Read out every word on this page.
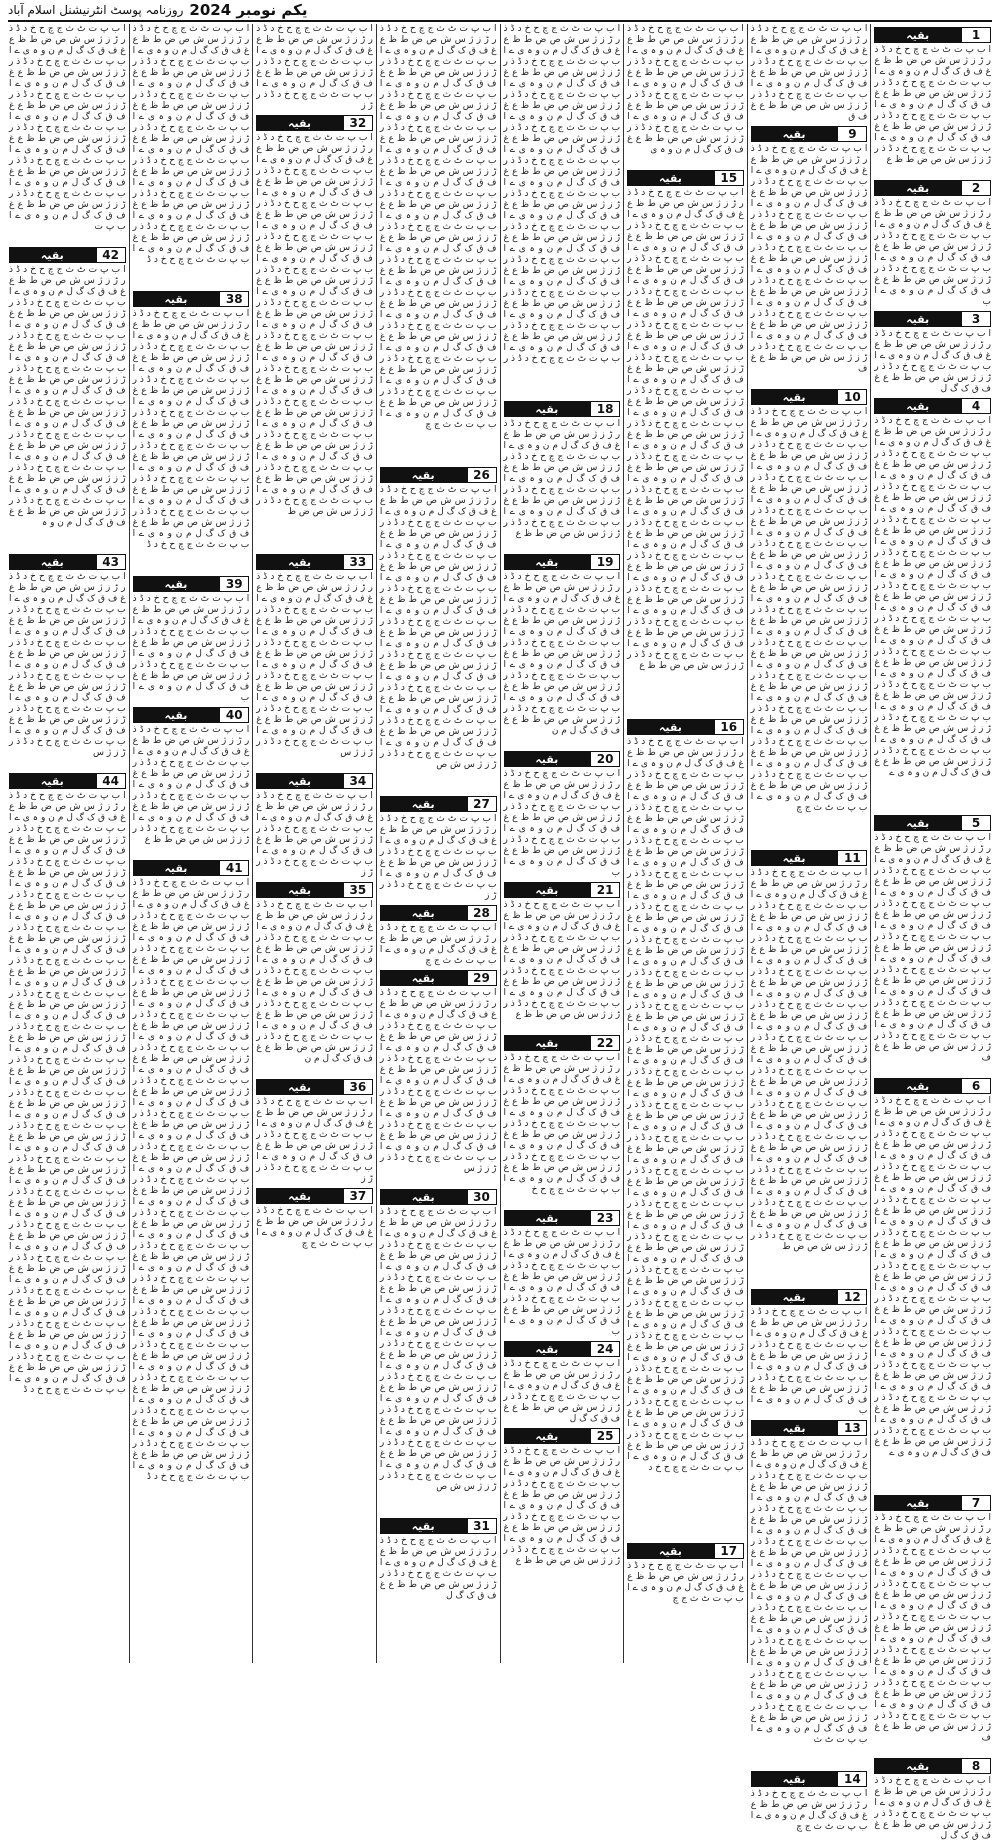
روزنامہ پوسٹ انٹرنیشنل اسلام آباد یکم نومبر 2024
بقیہ	1
ا ب پ ت ٹ ث ج چ ح خ د ڈ ذ ر ڑ ز ژ س ش ص ض ط ظ ع غ ف ق ک گ ل م ن و ہ ی ے ا ب پ ت ٹ ث ج چ ح خ د ڈ ذ ر ڑ ز ژ س ش ص ض ط ظ ع غ ف ق ک گ ل م ن و ہ ی ے ا ب پ ت ٹ ث ج چ ح خ د ڈ ذ ر ڑ ز ژ س ش ص ض ط ظ ع غ ف ق ک گ ل م ن و ہ ی ے ا ب پ ت ٹ ث ج چ ح خ د ڈ ذ ر ڑ ز ژ س ش ص ض ط ظ ع
بقیہ	2
ا ب پ ت ٹ ث ج چ ح خ د ڈ ذ ر ڑ ز ژ س ش ص ض ط ظ ع غ ف ق ک گ ل م ن و ہ ی ے ا ب پ ت ٹ ث ج چ ح خ د ڈ ذ ر ڑ ز ژ س ش ص ض ط ظ ع غ ف ق ک گ ل م ن و ہ ی ے ا ب پ ت ٹ ث ج چ ح خ د ڈ ذ ر ڑ ز ژ س ش ص ض ط ظ ع غ ف ق ک گ ل م ن و ہ ی ے ا ب
بقیہ	3
ا ب پ ت ٹ ث ج چ ح خ د ڈ ذ ر ڑ ز ژ س ش ص ض ط ظ ع غ ف ق ک گ ل م ن و ہ ی ے ا ب پ ت ٹ ث ج چ ح خ د ڈ ذ ر ڑ ز ژ س ش ص ض ط ظ ع غ ف ق ک گ ل
بقیہ	4
ا ب پ ت ٹ ث ج چ ح خ د ڈ ذ ر ڑ ز ژ س ش ص ض ط ظ ع غ ف ق ک گ ل م ن و ہ ی ے ا ب پ ت ٹ ث ج چ ح خ د ڈ ذ ر ڑ ز ژ س ش ص ض ط ظ ع غ ف ق ک گ ل م ن و ہ ی ے ا ب پ ت ٹ ث ج چ ح خ د ڈ ذ ر ڑ ز ژ س ش ص ض ط ظ ع غ ف ق ک گ ل م ن و ہ ی ے ا ب پ ت ٹ ث ج چ ح خ د ڈ ذ ر ڑ ز ژ س ش ص ض ط ظ ع غ ف ق ک گ ل م ن و ہ ی ے ا ب پ ت ٹ ث ج چ ح خ د ڈ ذ ر ڑ ز ژ س ش ص ض ط ظ ع غ ف ق ک گ ل م ن و ہ ی ے ا ب پ ت ٹ ث ج چ ح خ د ڈ ذ ر ڑ ز ژ س ش ص ض ط ظ ع غ ف ق ک گ ل م ن و ہ ی ے ا ب پ ت ٹ ث ج چ ح خ د ڈ ذ ر ڑ ز ژ س ش ص ض ط ظ ع غ ف ق ک گ ل م ن و ہ ی ے ا ب پ ت ٹ ث ج چ ح خ د ڈ ذ ر ڑ ز ژ س ش ص ض ط ظ ع غ ف ق ک گ ل م ن و ہ ی ے ا ب پ ت ٹ ث ج چ ح خ د ڈ ذ ر ڑ ز ژ س ش ص ض ط ظ ع غ ف ق ک گ ل م ن و ہ ی ے ا ب پ ت ٹ ث ج چ ح خ د ڈ ذ ر ڑ ز ژ س ش ص ض ط ظ ع غ ف ق ک گ ل م ن و ہ ی ے ا ب پ ت ٹ ث ج چ ح خ د ڈ ذ ر ڑ ز ژ س ش ص ض ط ظ ع غ ف ق ک گ ل م ن و ہ ی ے
بقیہ	5
ا ب پ ت ٹ ث ج چ ح خ د ڈ ذ ر ڑ ز ژ س ش ص ض ط ظ ع غ ف ق ک گ ل م ن و ہ ی ے ا ب پ ت ٹ ث ج چ ح خ د ڈ ذ ر ڑ ز ژ س ش ص ض ط ظ ع غ ف ق ک گ ل م ن و ہ ی ے ا ب پ ت ٹ ث ج چ ح خ د ڈ ذ ر ڑ ز ژ س ش ص ض ط ظ ع غ ف ق ک گ ل م ن و ہ ی ے ا ب پ ت ٹ ث ج چ ح خ د ڈ ذ ر ڑ ز ژ س ش ص ض ط ظ ع غ ف ق ک گ ل م ن و ہ ی ے ا ب پ ت ٹ ث ج چ ح خ د ڈ ذ ر ڑ ز ژ س ش ص ض ط ظ ع غ ف ق ک گ ل م ن و ہ ی ے ا ب پ ت ٹ ث ج چ ح خ د ڈ ذ ر ڑ ز ژ س ش ص ض ط ظ ع غ ف ق ک گ ل م ن و ہ ی ے ا ب پ ت ٹ ث ج چ ح خ د ڈ ذ ر ڑ ز ژ س ش ص ض ط ظ ع غ ف
بقیہ	6
ا ب پ ت ٹ ث ج چ ح خ د ڈ ذ ر ڑ ز ژ س ش ص ض ط ظ ع غ ف ق ک گ ل م ن و ہ ی ے ا ب پ ت ٹ ث ج چ ح خ د ڈ ذ ر ڑ ز ژ س ش ص ض ط ظ ع غ ف ق ک گ ل م ن و ہ ی ے ا ب پ ت ٹ ث ج چ ح خ د ڈ ذ ر ڑ ز ژ س ش ص ض ط ظ ع غ ف ق ک گ ل م ن و ہ ی ے ا ب پ ت ٹ ث ج چ ح خ د ڈ ذ ر ڑ ز ژ س ش ص ض ط ظ ع غ ف ق ک گ ل م ن و ہ ی ے ا ب پ ت ٹ ث ج چ ح خ د ڈ ذ ر ڑ ز ژ س ش ص ض ط ظ ع غ ف ق ک گ ل م ن و ہ ی ے ا ب پ ت ٹ ث ج چ ح خ د ڈ ذ ر ڑ ز ژ س ش ص ض ط ظ ع غ ف ق ک گ ل م ن و ہ ی ے ا ب پ ت ٹ ث ج چ ح خ د ڈ ذ ر ڑ ز ژ س ش ص ض ط ظ ع غ ف ق ک گ ل م ن و ہ ی ے ا ب پ ت ٹ ث ج چ ح خ د ڈ ذ ر ڑ ز ژ س ش ص ض ط ظ ع غ ف ق ک گ ل م ن و ہ ی ے ا ب پ ت ٹ ث ج چ ح خ د ڈ ذ ر ڑ ز ژ س ش ص ض ط ظ ع غ ف ق ک گ ل م ن و ہ ی ے ا ب پ ت ٹ ث ج چ ح خ د ڈ ذ ر ڑ ز ژ س ش ص ض ط ظ ع غ ف ق ک گ ل م ن و ہ ی ے ا ب پ ت ٹ ث ج چ ح خ د ڈ ذ ر ڑ ز ژ س ش ص ض ط ظ ع غ ف ق ک گ ل م ن و ہ ی ے
بقیہ	7
ا ب پ ت ٹ ث ج چ ح خ د ڈ ذ ر ڑ ز ژ س ش ص ض ط ظ ع غ ف ق ک گ ل م ن و ہ ی ے ا ب پ ت ٹ ث ج چ ح خ د ڈ ذ ر ڑ ز ژ س ش ص ض ط ظ ع غ ف ق ک گ ل م ن و ہ ی ے ا ب پ ت ٹ ث ج چ ح خ د ڈ ذ ر ڑ ز ژ س ش ص ض ط ظ ع غ ف ق ک گ ل م ن و ہ ی ے ا ب پ ت ٹ ث ج چ ح خ د ڈ ذ ر ڑ ز ژ س ش ص ض ط ظ ع غ ف ق ک گ ل م ن و ہ ی ے ا ب پ ت ٹ ث ج چ ح خ د ڈ ذ ر ڑ ز ژ س ش ص ض ط ظ ع غ ف ق ک گ ل م ن و ہ ی ے ا ب پ ت ٹ ث ج چ ح خ د ڈ ذ ر ڑ ز ژ س ش ص ض ط ظ ع غ ف ق ک گ ل م ن و ہ ی ے ا ب پ ت ٹ ث ج چ ح خ د ڈ ذ ر ڑ ز ژ س ش ص ض ط ظ ع غ ف
بقیہ	8
ا ب پ ت ٹ ث ج چ ح خ د ڈ ذ ر ڑ ز ژ س ش ص ض ط ظ ع غ ف ق ک گ ل م ن و ہ ی ے ا ب پ ت ٹ ث ج چ ح خ د ڈ ذ ر ڑ ز ژ س ش ص ض ط ظ ع غ ف ق ک گ ل
ا ب پ ت ٹ ث ج چ ح خ د ڈ ذ ر ڑ ز ژ س ش ص ض ط ظ ع غ ف ق ک گ ل م ن و ہ ی ے ا ب پ ت ٹ ث ج چ ح خ د ڈ ذ ر ڑ ز ژ س ش ص ض ط ظ ع غ ف ق ک گ ل م ن و ہ ی ے ا ب پ ت ٹ ث ج چ ح خ د ڈ ذ ر ڑ ز ژ س ش ص ض ط ظ ع غ ف ق
بقیہ	9
ا ب پ ت ٹ ث ج چ ح خ د ڈ ذ ر ڑ ز ژ س ش ص ض ط ظ ع غ ف ق ک گ ل م ن و ہ ی ے ا ب پ ت ٹ ث ج چ ح خ د ڈ ذ ر ڑ ز ژ س ش ص ض ط ظ ع غ ف ق ک گ ل م ن و ہ ی ے ا ب پ ت ٹ ث ج چ ح خ د ڈ ذ ر ڑ ز ژ س ش ص ض ط ظ ع غ ف ق ک گ ل م ن و ہ ی ے ا ب پ ت ٹ ث ج چ ح خ د ڈ ذ ر ڑ ز ژ س ش ص ض ط ظ ع غ ف ق ک گ ل م ن و ہ ی ے ا ب پ ت ٹ ث ج چ ح خ د ڈ ذ ر ڑ ز ژ س ش ص ض ط ظ ع غ ف ق ک گ ل م ن و ہ ی ے ا ب پ ت ٹ ث ج چ ح خ د ڈ ذ ر ڑ ز ژ س ش ص ض ط ظ ع غ ف ق ک گ ل م ن و ہ ی ے ا ب پ ت ٹ ث ج چ ح خ د ڈ ذ ر ڑ ز ژ س ش ص ض ط ظ ع غ ف
بقیہ	10
ا ب پ ت ٹ ث ج چ ح خ د ڈ ذ ر ڑ ز ژ س ش ص ض ط ظ ع غ ف ق ک گ ل م ن و ہ ی ے ا ب پ ت ٹ ث ج چ ح خ د ڈ ذ ر ڑ ز ژ س ش ص ض ط ظ ع غ ف ق ک گ ل م ن و ہ ی ے ا ب پ ت ٹ ث ج چ ح خ د ڈ ذ ر ڑ ز ژ س ش ص ض ط ظ ع غ ف ق ک گ ل م ن و ہ ی ے ا ب پ ت ٹ ث ج چ ح خ د ڈ ذ ر ڑ ز ژ س ش ص ض ط ظ ع غ ف ق ک گ ل م ن و ہ ی ے ا ب پ ت ٹ ث ج چ ح خ د ڈ ذ ر ڑ ز ژ س ش ص ض ط ظ ع غ ف ق ک گ ل م ن و ہ ی ے ا ب پ ت ٹ ث ج چ ح خ د ڈ ذ ر ڑ ز ژ س ش ص ض ط ظ ع غ ف ق ک گ ل م ن و ہ ی ے ا ب پ ت ٹ ث ج چ ح خ د ڈ ذ ر ڑ ز ژ س ش ص ض ط ظ ع غ ف ق ک گ ل م ن و ہ ی ے ا ب پ ت ٹ ث ج چ ح خ د ڈ ذ ر ڑ ز ژ س ش ص ض ط ظ ع غ ف ق ک گ ل م ن و ہ ی ے ا ب پ ت ٹ ث ج چ ح خ د ڈ ذ ر ڑ ز ژ س ش ص ض ط ظ ع غ ف ق ک گ ل م ن و ہ ی ے ا ب پ ت ٹ ث ج چ ح خ د ڈ ذ ر ڑ ز ژ س ش ص ض ط ظ ع غ ف ق ک گ ل م ن و ہ ی ے ا ب پ ت ٹ ث ج چ ح خ د ڈ ذ ر ڑ ز ژ س ش ص ض ط ظ ع غ ف ق ک گ ل م ن و ہ ی ے ا ب پ ت ٹ ث ج چ ح خ د ڈ ذ ر ڑ ز ژ س ش ص ض ط ظ ع غ ف ق ک گ ل م ن و ہ ی ے ا ب پ ت ٹ ث ج چ
بقیہ	11
ا ب پ ت ٹ ث ج چ ح خ د ڈ ذ ر ڑ ز ژ س ش ص ض ط ظ ع غ ف ق ک گ ل م ن و ہ ی ے ا ب پ ت ٹ ث ج چ ح خ د ڈ ذ ر ڑ ز ژ س ش ص ض ط ظ ع غ ف ق ک گ ل م ن و ہ ی ے ا ب پ ت ٹ ث ج چ ح خ د ڈ ذ ر ڑ ز ژ س ش ص ض ط ظ ع غ ف ق ک گ ل م ن و ہ ی ے ا ب پ ت ٹ ث ج چ ح خ د ڈ ذ ر ڑ ز ژ س ش ص ض ط ظ ع غ ف ق ک گ ل م ن و ہ ی ے ا ب پ ت ٹ ث ج چ ح خ د ڈ ذ ر ڑ ز ژ س ش ص ض ط ظ ع غ ف ق ک گ ل م ن و ہ ی ے ا ب پ ت ٹ ث ج چ ح خ د ڈ ذ ر ڑ ز ژ س ش ص ض ط ظ ع غ ف ق ک گ ل م ن و ہ ی ے ا ب پ ت ٹ ث ج چ ح خ د ڈ ذ ر ڑ ز ژ س ش ص ض ط ظ ع غ ف ق ک گ ل م ن و ہ ی ے ا ب پ ت ٹ ث ج چ ح خ د ڈ ذ ر ڑ ز ژ س ش ص ض ط ظ ع غ ف ق ک گ ل م ن و ہ ی ے ا ب پ ت ٹ ث ج چ ح خ د ڈ ذ ر ڑ ز ژ س ش ص ض ط ظ ع غ ف ق ک گ ل م ن و ہ ی ے ا ب پ ت ٹ ث ج چ ح خ د ڈ ذ ر ڑ ز ژ س ش ص ض ط ظ ع غ ف ق ک گ ل م ن و ہ ی ے ا ب پ ت ٹ ث ج چ ح خ د ڈ ذ ر ڑ ز ژ س ش ص ض ط ظ ع غ ف ق ک گ ل م ن و ہ ی ے ا ب پ ت ٹ ث ج چ ح خ د ڈ ذ ر ڑ ز ژ س ش ص ض ط
بقیہ	12
ا ب پ ت ٹ ث ج چ ح خ د ڈ ذ ر ڑ ز ژ س ش ص ض ط ظ ع غ ف ق ک گ ل م ن و ہ ی ے ا ب پ ت ٹ ث ج چ ح خ د ڈ ذ ر ڑ ز ژ س ش ص ض ط ظ ع غ ف ق ک گ ل م ن و ہ ی ے ا ب پ ت ٹ ث ج چ ح خ د ڈ ذ ر ڑ ز ژ س ش ص ض ط ظ ع غ ف ق ک گ ل م ن و ہ ی ے ا ب
بقیہ	13
ا ب پ ت ٹ ث ج چ ح خ د ڈ ذ ر ڑ ز ژ س ش ص ض ط ظ ع غ ف ق ک گ ل م ن و ہ ی ے ا ب پ ت ٹ ث ج چ ح خ د ڈ ذ ر ڑ ز ژ س ش ص ض ط ظ ع غ ف ق ک گ ل م ن و ہ ی ے ا ب پ ت ٹ ث ج چ ح خ د ڈ ذ ر ڑ ز ژ س ش ص ض ط ظ ع غ ف ق ک گ ل م ن و ہ ی ے ا ب پ ت ٹ ث ج چ ح خ د ڈ ذ ر ڑ ز ژ س ش ص ض ط ظ ع غ ف ق ک گ ل م ن و ہ ی ے ا ب پ ت ٹ ث ج چ ح خ د ڈ ذ ر ڑ ز ژ س ش ص ض ط ظ ع غ ف ق ک گ ل م ن و ہ ی ے ا ب پ ت ٹ ث ج چ ح خ د ڈ ذ ر ڑ ز ژ س ش ص ض ط ظ ع غ ف ق ک گ ل م ن و ہ ی ے ا ب پ ت ٹ ث ج چ ح خ د ڈ ذ ر ڑ ز ژ س ش ص ض ط ظ ع غ ف ق ک گ ل م ن و ہ ی ے ا ب پ ت ٹ ث ج چ ح خ د ڈ ذ ر ڑ ز ژ س ش ص ض ط ظ ع غ ف ق ک گ ل م ن و ہ ی ے ا ب پ ت ٹ ث ج چ ح خ د ڈ ذ ر ڑ ز ژ س ش ص ض ط ظ ع غ ف ق ک گ ل م ن و ہ ی ے ا ب پ ت ٹ ث
بقیہ	14
ا ب پ ت ٹ ث ج چ ح خ د ڈ ذ ر ڑ ز ژ س ش ص ض ط ظ ع غ ف ق ک گ ل م ن و ہ ی ے ا ب پ ت ٹ ث ج چ
ا ب پ ت ٹ ث ج چ ح خ د ڈ ذ ر ڑ ز ژ س ش ص ض ط ظ ع غ ف ق ک گ ل م ن و ہ ی ے ا ب پ ت ٹ ث ج چ ح خ د ڈ ذ ر ڑ ز ژ س ش ص ض ط ظ ع غ ف ق ک گ ل م ن و ہ ی ے ا ب پ ت ٹ ث ج چ ح خ د ڈ ذ ر ڑ ز ژ س ش ص ض ط ظ ع غ ف ق ک گ ل م ن و ہ ی ے ا ب پ ت ٹ ث ج چ ح خ د ڈ ذ ر ڑ ز ژ س ش ص ض ط ظ ع غ ف ق ک گ ل م ن و ہ ی
بقیہ	15
ا ب پ ت ٹ ث ج چ ح خ د ڈ ذ ر ڑ ز ژ س ش ص ض ط ظ ع غ ف ق ک گ ل م ن و ہ ی ے ا ب پ ت ٹ ث ج چ ح خ د ڈ ذ ر ڑ ز ژ س ش ص ض ط ظ ع غ ف ق ک گ ل م ن و ہ ی ے ا ب پ ت ٹ ث ج چ ح خ د ڈ ذ ر ڑ ز ژ س ش ص ض ط ظ ع غ ف ق ک گ ل م ن و ہ ی ے ا ب پ ت ٹ ث ج چ ح خ د ڈ ذ ر ڑ ز ژ س ش ص ض ط ظ ع غ ف ق ک گ ل م ن و ہ ی ے ا ب پ ت ٹ ث ج چ ح خ د ڈ ذ ر ڑ ز ژ س ش ص ض ط ظ ع غ ف ق ک گ ل م ن و ہ ی ے ا ب پ ت ٹ ث ج چ ح خ د ڈ ذ ر ڑ ز ژ س ش ص ض ط ظ ع غ ف ق ک گ ل م ن و ہ ی ے ا ب پ ت ٹ ث ج چ ح خ د ڈ ذ ر ڑ ز ژ س ش ص ض ط ظ ع غ ف ق ک گ ل م ن و ہ ی ے ا ب پ ت ٹ ث ج چ ح خ د ڈ ذ ر ڑ ز ژ س ش ص ض ط ظ ع غ ف ق ک گ ل م ن و ہ ی ے ا ب پ ت ٹ ث ج چ ح خ د ڈ ذ ر ڑ ز ژ س ش ص ض ط ظ ع غ ف ق ک گ ل م ن و ہ ی ے ا ب پ ت ٹ ث ج چ ح خ د ڈ ذ ر ڑ ز ژ س ش ص ض ط ظ ع غ ف ق ک گ ل م ن و ہ ی ے ا ب پ ت ٹ ث ج چ ح خ د ڈ ذ ر ڑ ز ژ س ش ص ض ط ظ ع غ ف ق ک گ ل م ن و ہ ی ے ا ب پ ت ٹ ث ج چ ح خ د ڈ ذ ر ڑ ز ژ س ش ص ض ط ظ ع غ ف ق ک گ ل م ن و ہ ی ے ا ب پ ت ٹ ث ج چ ح خ د ڈ ذ ر ڑ ز ژ س ش ص ض ط ظ ع غ ف ق ک گ ل م ن و ہ ی ے ا ب پ ت ٹ ث ج چ ح خ د ڈ ذ ر ڑ ز ژ س ش ص ض ط ظ ع غ ف ق ک گ ل م ن و ہ ی ے ا ب پ ت ٹ ث ج چ ح خ د ڈ ذ ر ڑ ز ژ س ش ص ض ط ظ ع
بقیہ	16
ا ب پ ت ٹ ث ج چ ح خ د ڈ ذ ر ڑ ز ژ س ش ص ض ط ظ ع غ ف ق ک گ ل م ن و ہ ی ے ا ب پ ت ٹ ث ج چ ح خ د ڈ ذ ر ڑ ز ژ س ش ص ض ط ظ ع غ ف ق ک گ ل م ن و ہ ی ے ا ب پ ت ٹ ث ج چ ح خ د ڈ ذ ر ڑ ز ژ س ش ص ض ط ظ ع غ ف ق ک گ ل م ن و ہ ی ے ا ب پ ت ٹ ث ج چ ح خ د ڈ ذ ر ڑ ز ژ س ش ص ض ط ظ ع غ ف ق ک گ ل م ن و ہ ی ے ا ب پ ت ٹ ث ج چ ح خ د ڈ ذ ر ڑ ز ژ س ش ص ض ط ظ ع غ ف ق ک گ ل م ن و ہ ی ے ا ب پ ت ٹ ث ج چ ح خ د ڈ ذ ر ڑ ز ژ س ش ص ض ط ظ ع غ ف ق ک گ ل م ن و ہ ی ے ا ب پ ت ٹ ث ج چ ح خ د ڈ ذ ر ڑ ز ژ س ش ص ض ط ظ ع غ ف ق ک گ ل م ن و ہ ی ے ا ب پ ت ٹ ث ج چ ح خ د ڈ ذ ر ڑ ز ژ س ش ص ض ط ظ ع غ ف ق ک گ ل م ن و ہ ی ے ا ب پ ت ٹ ث ج چ ح خ د ڈ ذ ر ڑ ز ژ س ش ص ض ط ظ ع غ ف ق ک گ ل م ن و ہ ی ے ا ب پ ت ٹ ث ج چ ح خ د ڈ ذ ر ڑ ز ژ س ش ص ض ط ظ ع غ ف ق ک گ ل م ن و ہ ی ے ا ب پ ت ٹ ث ج چ ح خ د ڈ ذ ر ڑ ز ژ س ش ص ض ط ظ ع غ ف ق ک گ ل م ن و ہ ی ے ا ب پ ت ٹ ث ج چ ح خ د ڈ ذ ر ڑ ز ژ س ش ص ض ط ظ ع غ ف ق ک گ ل م ن و ہ ی ے ا ب پ ت ٹ ث ج چ ح خ د ڈ ذ ر ڑ ز ژ س ش ص ض ط ظ ع غ ف ق ک گ ل م ن و ہ ی ے ا ب پ ت ٹ ث ج چ ح خ د ڈ ذ ر ڑ ز ژ س ش ص ض ط ظ ع غ ف ق ک گ ل م ن و ہ ی ے ا ب پ ت ٹ ث ج چ ح خ د ڈ ذ ر ڑ ز ژ س ش ص ض ط ظ ع غ ف ق ک گ ل م ن و ہ ی ے ا ب پ ت ٹ ث ج چ ح خ د ڈ ذ ر ڑ ز ژ س ش ص ض ط ظ ع غ ف ق ک گ ل م ن و ہ ی ے ا ب پ ت ٹ ث ج چ ح خ د ڈ ذ ر ڑ ز ژ س ش ص ض ط ظ ع غ ف ق ک گ ل م ن و ہ ی ے ا ب پ ت ٹ ث ج چ ح خ د ڈ ذ ر ڑ ز ژ س ش ص ض ط ظ ع غ ف ق ک گ ل م ن و ہ ی ے ا ب پ ت ٹ ث ج چ ح خ د ڈ ذ ر ڑ ز ژ س ش ص ض ط ظ ع غ ف ق ک گ ل م ن و ہ ی ے ا ب پ ت ٹ ث ج چ ح خ د ڈ ذ ر ڑ ز ژ س ش ص ض ط ظ ع غ ف ق ک گ ل م ن و ہ ی ے ا ب پ ت ٹ ث ج چ ح خ د ڈ ذ ر ڑ ز ژ س ش ص ض ط ظ ع غ ف ق ک گ ل م ن و ہ ی ے ا ب پ ت ٹ ث ج چ ح خ د ڈ ذ ر ڑ ز ژ س ش ص ض ط ظ ع غ ف ق ک گ ل م ن و ہ ی ے ا ب پ ت ٹ ث ج چ ح خ د
بقیہ	17
ا ب پ ت ٹ ث ج چ ح خ د ڈ ذ ر ڑ ز ژ س ش ص ض ط ظ ع غ ف ق ک گ ل م ن و ہ ی ے ا ب پ ت ٹ ث ج چ
ا ب پ ت ٹ ث ج چ ح خ د ڈ ذ ر ڑ ز ژ س ش ص ض ط ظ ع غ ف ق ک گ ل م ن و ہ ی ے ا ب پ ت ٹ ث ج چ ح خ د ڈ ذ ر ڑ ز ژ س ش ص ض ط ظ ع غ ف ق ک گ ل م ن و ہ ی ے ا ب پ ت ٹ ث ج چ ح خ د ڈ ذ ر ڑ ز ژ س ش ص ض ط ظ ع غ ف ق ک گ ل م ن و ہ ی ے ا ب پ ت ٹ ث ج چ ح خ د ڈ ذ ر ڑ ز ژ س ش ص ض ط ظ ع غ ف ق ک گ ل م ن و ہ ی ے ا ب پ ت ٹ ث ج چ ح خ د ڈ ذ ر ڑ ز ژ س ش ص ض ط ظ ع غ ف ق ک گ ل م ن و ہ ی ے ا ب پ ت ٹ ث ج چ ح خ د ڈ ذ ر ڑ ز ژ س ش ص ض ط ظ ع غ ف ق ک گ ل م ن و ہ ی ے ا ب پ ت ٹ ث ج چ ح خ د ڈ ذ ر ڑ ز ژ س ش ص ض ط ظ ع غ ف ق ک گ ل م ن و ہ ی ے ا ب پ ت ٹ ث ج چ ح خ د ڈ ذ ر ڑ ز ژ س ش ص ض ط ظ ع غ ف ق ک گ ل م ن و ہ ی ے ا ب پ ت ٹ ث ج چ ح خ د ڈ ذ ر ڑ ز ژ س ش ص ض ط ظ ع غ ف ق ک گ ل م ن و ہ ی ے ا ب پ ت ٹ ث ج چ ح خ د ڈ ذ ر ڑ ز ژ س ش ص ض ط ظ ع غ ف ق ک گ ل م ن و ہ ی ے ا ب پ ت ٹ ث ج چ ح خ د ڈ ذ ر
بقیہ	18
ا ب پ ت ٹ ث ج چ ح خ د ڈ ذ ر ڑ ز ژ س ش ص ض ط ظ ع غ ف ق ک گ ل م ن و ہ ی ے ا ب پ ت ٹ ث ج چ ح خ د ڈ ذ ر ڑ ز ژ س ش ص ض ط ظ ع غ ف ق ک گ ل م ن و ہ ی ے ا ب پ ت ٹ ث ج چ ح خ د ڈ ذ ر ڑ ز ژ س ش ص ض ط ظ ع غ ف ق ک گ ل م ن و ہ ی ے ا ب پ ت ٹ ث ج چ ح خ د ڈ ذ ر ڑ ز ژ س ش ص ض ط ظ ع
بقیہ	19
ا ب پ ت ٹ ث ج چ ح خ د ڈ ذ ر ڑ ز ژ س ش ص ض ط ظ ع غ ف ق ک گ ل م ن و ہ ی ے ا ب پ ت ٹ ث ج چ ح خ د ڈ ذ ر ڑ ز ژ س ش ص ض ط ظ ع غ ف ق ک گ ل م ن و ہ ی ے ا ب پ ت ٹ ث ج چ ح خ د ڈ ذ ر ڑ ز ژ س ش ص ض ط ظ ع غ ف ق ک گ ل م ن و ہ ی ے ا ب پ ت ٹ ث ج چ ح خ د ڈ ذ ر ڑ ز ژ س ش ص ض ط ظ ع غ ف ق ک گ ل م ن و ہ ی ے ا ب پ ت ٹ ث ج چ ح خ د ڈ ذ ر ڑ ز ژ س ش ص ض ط ظ ع غ ف ق ک گ ل م ن
بقیہ	20
ا ب پ ت ٹ ث ج چ ح خ د ڈ ذ ر ڑ ز ژ س ش ص ض ط ظ ع غ ف ق ک گ ل م ن و ہ ی ے ا ب پ ت ٹ ث ج چ ح خ د ڈ ذ ر ڑ ز ژ س ش ص ض ط ظ ع غ ف ق ک گ ل م ن و ہ ی ے ا ب پ ت ٹ ث ج چ ح خ د ڈ ذ ر ڑ ز ژ س ش ص ض ط ظ ع غ ف ق ک گ ل م ن و ہ ی ے ا ب
بقیہ	21
ا ب پ ت ٹ ث ج چ ح خ د ڈ ذ ر ڑ ز ژ س ش ص ض ط ظ ع غ ف ق ک گ ل م ن و ہ ی ے ا ب پ ت ٹ ث ج چ ح خ د ڈ ذ ر ڑ ز ژ س ش ص ض ط ظ ع غ ف ق ک گ ل م ن و ہ ی ے ا ب پ ت ٹ ث ج چ ح خ د ڈ ذ ر ڑ ز ژ س ش ص ض ط ظ ع غ ف ق ک گ ل م ن و ہ ی ے ا ب پ ت ٹ ث ج چ ح خ د ڈ ذ ر ڑ ز ژ س ش ص ض ط ظ ع
بقیہ	22
ا ب پ ت ٹ ث ج چ ح خ د ڈ ذ ر ڑ ز ژ س ش ص ض ط ظ ع غ ف ق ک گ ل م ن و ہ ی ے ا ب پ ت ٹ ث ج چ ح خ د ڈ ذ ر ڑ ز ژ س ش ص ض ط ظ ع غ ف ق ک گ ل م ن و ہ ی ے ا ب پ ت ٹ ث ج چ ح خ د ڈ ذ ر ڑ ز ژ س ش ص ض ط ظ ع غ ف ق ک گ ل م ن و ہ ی ے ا ب پ ت ٹ ث ج چ ح خ د ڈ ذ ر ڑ ز ژ س ش ص ض ط ظ ع غ ف ق ک گ ل م ن و ہ ی ے ا ب پ ت ٹ ث ج چ ح خ
بقیہ	23
ا ب پ ت ٹ ث ج چ ح خ د ڈ ذ ر ڑ ز ژ س ش ص ض ط ظ ع غ ف ق ک گ ل م ن و ہ ی ے ا ب پ ت ٹ ث ج چ ح خ د ڈ ذ ر ڑ ز ژ س ش ص ض ط ظ ع غ ف ق ک گ ل م ن و ہ ی ے ا ب پ ت ٹ ث ج چ ح خ د ڈ ذ ر ڑ ز ژ س ش ص ض ط ظ ع غ ف ق ک گ ل م ن و ہ ی ے ا ب
بقیہ	24
ا ب پ ت ٹ ث ج چ ح خ د ڈ ذ ر ڑ ز ژ س ش ص ض ط ظ ع غ ف ق ک گ ل م ن و ہ ی ے ا ب پ ت ٹ ث ج چ ح خ د ڈ ذ ر ڑ ز ژ س ش ص ض ط ظ ع غ ف ق ک گ ل
بقیہ	25
ا ب پ ت ٹ ث ج چ ح خ د ڈ ذ ر ڑ ز ژ س ش ص ض ط ظ ع غ ف ق ک گ ل م ن و ہ ی ے ا ب پ ت ٹ ث ج چ ح خ د ڈ ذ ر ڑ ز ژ س ش ص ض ط ظ ع غ ف ق ک گ ل م ن و ہ ی ے ا ب پ ت ٹ ث ج چ ح خ د ڈ ذ ر ڑ ز ژ س ش ص ض ط ظ ع غ ف ق ک گ ل م ن و ہ ی ے ا ب پ ت ٹ ث ج چ ح خ د ڈ ذ ر ڑ ز ژ س ش ص ض ط ظ ع
ا ب پ ت ٹ ث ج چ ح خ د ڈ ذ ر ڑ ز ژ س ش ص ض ط ظ ع غ ف ق ک گ ل م ن و ہ ی ے ا ب پ ت ٹ ث ج چ ح خ د ڈ ذ ر ڑ ز ژ س ش ص ض ط ظ ع غ ف ق ک گ ل م ن و ہ ی ے ا ب پ ت ٹ ث ج چ ح خ د ڈ ذ ر ڑ ز ژ س ش ص ض ط ظ ع غ ف ق ک گ ل م ن و ہ ی ے ا ب پ ت ٹ ث ج چ ح خ د ڈ ذ ر ڑ ز ژ س ش ص ض ط ظ ع غ ف ق ک گ ل م ن و ہ ی ے ا ب پ ت ٹ ث ج چ ح خ د ڈ ذ ر ڑ ز ژ س ش ص ض ط ظ ع غ ف ق ک گ ل م ن و ہ ی ے ا ب پ ت ٹ ث ج چ ح خ د ڈ ذ ر ڑ ز ژ س ش ص ض ط ظ ع غ ف ق ک گ ل م ن و ہ ی ے ا ب پ ت ٹ ث ج چ ح خ د ڈ ذ ر ڑ ز ژ س ش ص ض ط ظ ع غ ف ق ک گ ل م ن و ہ ی ے ا ب پ ت ٹ ث ج چ ح خ د ڈ ذ ر ڑ ز ژ س ش ص ض ط ظ ع غ ف ق ک گ ل م ن و ہ ی ے ا ب پ ت ٹ ث ج چ ح خ د ڈ ذ ر ڑ ز ژ س ش ص ض ط ظ ع غ ف ق ک گ ل م ن و ہ ی ے ا ب پ ت ٹ ث ج چ ح خ د ڈ ذ ر ڑ ز ژ س ش ص ض ط ظ ع غ ف ق ک گ ل م ن و ہ ی ے ا ب پ ت ٹ ث ج چ ح خ د ڈ ذ ر ڑ ز ژ س ش ص ض ط ظ ع غ ف ق ک گ ل م ن و ہ ی ے ا ب پ ت ٹ ث ج چ ح خ د ڈ ذ ر ڑ ز ژ س ش ص ض ط ظ ع غ ف ق ک گ ل م ن و ہ ی ے ا ب پ ت ٹ ث ج چ
بقیہ	26
ا ب پ ت ٹ ث ج چ ح خ د ڈ ذ ر ڑ ز ژ س ش ص ض ط ظ ع غ ف ق ک گ ل م ن و ہ ی ے ا ب پ ت ٹ ث ج چ ح خ د ڈ ذ ر ڑ ز ژ س ش ص ض ط ظ ع غ ف ق ک گ ل م ن و ہ ی ے ا ب پ ت ٹ ث ج چ ح خ د ڈ ذ ر ڑ ز ژ س ش ص ض ط ظ ع غ ف ق ک گ ل م ن و ہ ی ے ا ب پ ت ٹ ث ج چ ح خ د ڈ ذ ر ڑ ز ژ س ش ص ض ط ظ ع غ ف ق ک گ ل م ن و ہ ی ے ا ب پ ت ٹ ث ج چ ح خ د ڈ ذ ر ڑ ز ژ س ش ص ض ط ظ ع غ ف ق ک گ ل م ن و ہ ی ے ا ب پ ت ٹ ث ج چ ح خ د ڈ ذ ر ڑ ز ژ س ش ص ض ط ظ ع غ ف ق ک گ ل م ن و ہ ی ے ا ب پ ت ٹ ث ج چ ح خ د ڈ ذ ر ڑ ز ژ س ش ص ض ط ظ ع غ ف ق ک گ ل م ن و ہ ی ے ا ب پ ت ٹ ث ج چ ح خ د ڈ ذ ر ڑ ز ژ س ش ص ض ط ظ ع غ ف ق ک گ ل م ن و ہ ی ے ا ب پ ت ٹ ث ج چ ح خ د ڈ ذ ر ڑ ز ژ س ش ص
بقیہ	27
ا ب پ ت ٹ ث ج چ ح خ د ڈ ذ ر ڑ ز ژ س ش ص ض ط ظ ع غ ف ق ک گ ل م ن و ہ ی ے ا ب پ ت ٹ ث ج چ ح خ د ڈ ذ ر ڑ ز ژ س ش ص ض ط ظ ع غ ف ق ک گ ل م ن و ہ ی ے ا ب پ ت ٹ ث ج چ ح خ د ڈ ذ ر ڑ ز
بقیہ	28
ا ب پ ت ٹ ث ج چ ح خ د ڈ ذ ر ڑ ز ژ س ش ص ض ط ظ ع غ ف ق ک گ ل م ن و ہ ی ے ا ب پ ت ٹ ث ج چ
بقیہ	29
ا ب پ ت ٹ ث ج چ ح خ د ڈ ذ ر ڑ ز ژ س ش ص ض ط ظ ع غ ف ق ک گ ل م ن و ہ ی ے ا ب پ ت ٹ ث ج چ ح خ د ڈ ذ ر ڑ ز ژ س ش ص ض ط ظ ع غ ف ق ک گ ل م ن و ہ ی ے ا ب پ ت ٹ ث ج چ ح خ د ڈ ذ ر ڑ ز ژ س ش ص ض ط ظ ع غ ف ق ک گ ل م ن و ہ ی ے ا ب پ ت ٹ ث ج چ ح خ د ڈ ذ ر ڑ ز ژ س ش ص ض ط ظ ع غ ف ق ک گ ل م ن و ہ ی ے ا ب پ ت ٹ ث ج چ ح خ د ڈ ذ ر ڑ ز ژ س ش ص ض ط ظ ع غ ف ق ک گ ل م ن و ہ ی ے ا ب پ ت ٹ ث ج چ ح خ د ڈ ذ ر ڑ ز ژ س
بقیہ	30
ا ب پ ت ٹ ث ج چ ح خ د ڈ ذ ر ڑ ز ژ س ش ص ض ط ظ ع غ ف ق ک گ ل م ن و ہ ی ے ا ب پ ت ٹ ث ج چ ح خ د ڈ ذ ر ڑ ز ژ س ش ص ض ط ظ ع غ ف ق ک گ ل م ن و ہ ی ے ا ب پ ت ٹ ث ج چ ح خ د ڈ ذ ر ڑ ز ژ س ش ص ض ط ظ ع غ ف ق ک گ ل م ن و ہ ی ے ا ب پ ت ٹ ث ج چ ح خ د ڈ ذ ر ڑ ز ژ س ش ص ض ط ظ ع غ ف ق ک گ ل م ن و ہ ی ے ا ب پ ت ٹ ث ج چ ح خ د ڈ ذ ر ڑ ز ژ س ش ص ض ط ظ ع غ ف ق ک گ ل م ن و ہ ی ے ا ب پ ت ٹ ث ج چ ح خ د ڈ ذ ر ڑ ز ژ س ش ص ض ط ظ ع غ ف ق ک گ ل م ن و ہ ی ے ا ب پ ت ٹ ث ج چ ح خ د ڈ ذ ر ڑ ز ژ س ش ص ض ط ظ ع غ ف ق ک گ ل م ن و ہ ی ے ا ب پ ت ٹ ث ج چ ح خ د ڈ ذ ر ڑ ز ژ س ش ص ض ط ظ ع غ ف ق ک گ ل م ن و ہ ی ے ا ب پ ت ٹ ث ج چ ح خ د ڈ ذ ر ڑ ز ژ س ش ص
بقیہ	31
ا ب پ ت ٹ ث ج چ ح خ د ڈ ذ ر ڑ ز ژ س ش ص ض ط ظ ع غ ف ق ک گ ل م ن و ہ ی ے ا ب پ ت ٹ ث ج چ ح خ د ڈ ذ ر ڑ ز ژ س ش ص ض ط ظ ع غ ف ق ک گ ل
ا ب پ ت ٹ ث ج چ ح خ د ڈ ذ ر ڑ ز ژ س ش ص ض ط ظ ع غ ف ق ک گ ل م ن و ہ ی ے ا ب پ ت ٹ ث ج چ ح خ د ڈ ذ ر ڑ ز ژ س ش ص ض ط ظ ع غ ف ق ک گ ل م ن و ہ ی ے ا ب پ ت ٹ ث ج چ ح خ د ڈ ذ ر ڑ ز
بقیہ	32
ا ب پ ت ٹ ث ج چ ح خ د ڈ ذ ر ڑ ز ژ س ش ص ض ط ظ ع غ ف ق ک گ ل م ن و ہ ی ے ا ب پ ت ٹ ث ج چ ح خ د ڈ ذ ر ڑ ز ژ س ش ص ض ط ظ ع غ ف ق ک گ ل م ن و ہ ی ے ا ب پ ت ٹ ث ج چ ح خ د ڈ ذ ر ڑ ز ژ س ش ص ض ط ظ ع غ ف ق ک گ ل م ن و ہ ی ے ا ب پ ت ٹ ث ج چ ح خ د ڈ ذ ر ڑ ز ژ س ش ص ض ط ظ ع غ ف ق ک گ ل م ن و ہ ی ے ا ب پ ت ٹ ث ج چ ح خ د ڈ ذ ر ڑ ز ژ س ش ص ض ط ظ ع غ ف ق ک گ ل م ن و ہ ی ے ا ب پ ت ٹ ث ج چ ح خ د ڈ ذ ر ڑ ز ژ س ش ص ض ط ظ ع غ ف ق ک گ ل م ن و ہ ی ے ا ب پ ت ٹ ث ج چ ح خ د ڈ ذ ر ڑ ز ژ س ش ص ض ط ظ ع غ ف ق ک گ ل م ن و ہ ی ے ا ب پ ت ٹ ث ج چ ح خ د ڈ ذ ر ڑ ز ژ س ش ص ض ط ظ ع غ ف ق ک گ ل م ن و ہ ی ے ا ب پ ت ٹ ث ج چ ح خ د ڈ ذ ر ڑ ز ژ س ش ص ض ط ظ ع غ ف ق ک گ ل م ن و ہ ی ے ا ب پ ت ٹ ث ج چ ح خ د ڈ ذ ر ڑ ز ژ س ش ص ض ط ظ ع غ ف ق ک گ ل م ن و ہ ی ے ا ب پ ت ٹ ث ج چ ح خ د ڈ ذ ر ڑ ز ژ س ش ص ض ط ظ ع غ ف ق ک گ ل م ن و ہ ی ے ا ب پ ت ٹ ث ج چ ح خ د ڈ ذ ر ڑ ز ژ س ش ص ض ط
بقیہ	33
ا ب پ ت ٹ ث ج چ ح خ د ڈ ذ ر ڑ ز ژ س ش ص ض ط ظ ع غ ف ق ک گ ل م ن و ہ ی ے ا ب پ ت ٹ ث ج چ ح خ د ڈ ذ ر ڑ ز ژ س ش ص ض ط ظ ع غ ف ق ک گ ل م ن و ہ ی ے ا ب پ ت ٹ ث ج چ ح خ د ڈ ذ ر ڑ ز ژ س ش ص ض ط ظ ع غ ف ق ک گ ل م ن و ہ ی ے ا ب پ ت ٹ ث ج چ ح خ د ڈ ذ ر ڑ ز ژ س ش ص ض ط ظ ع غ ف ق ک گ ل م ن و ہ ی ے ا ب پ ت ٹ ث ج چ ح خ د ڈ ذ ر ڑ ز ژ س ش ص ض ط ظ ع غ ف ق ک گ ل م ن و ہ ی ے ا ب پ ت ٹ ث ج چ ح خ د ڈ ذ ر ڑ ز ژ س
بقیہ	34
ا ب پ ت ٹ ث ج چ ح خ د ڈ ذ ر ڑ ز ژ س ش ص ض ط ظ ع غ ف ق ک گ ل م ن و ہ ی ے ا ب پ ت ٹ ث ج چ ح خ د ڈ ذ ر ڑ ز ژ س ش ص ض ط ظ ع غ ف ق ک گ ل م ن و ہ ی ے ا ب پ ت ٹ ث ج چ ح خ د ڈ ذ ر ڑ ز
بقیہ	35
ا ب پ ت ٹ ث ج چ ح خ د ڈ ذ ر ڑ ز ژ س ش ص ض ط ظ ع غ ف ق ک گ ل م ن و ہ ی ے ا ب پ ت ٹ ث ج چ ح خ د ڈ ذ ر ڑ ز ژ س ش ص ض ط ظ ع غ ف ق ک گ ل م ن و ہ ی ے ا ب پ ت ٹ ث ج چ ح خ د ڈ ذ ر ڑ ز ژ س ش ص ض ط ظ ع غ ف ق ک گ ل م ن و ہ ی ے ا ب پ ت ٹ ث ج چ ح خ د ڈ ذ ر ڑ ز ژ س ش ص ض ط ظ ع غ ف ق ک گ ل م ن و ہ ی ے ا ب پ ت ٹ ث ج چ ح خ د ڈ ذ ر ڑ ز ژ س ش ص ض ط ظ ع غ ف ق ک گ ل م ن
بقیہ	36
ا ب پ ت ٹ ث ج چ ح خ د ڈ ذ ر ڑ ز ژ س ش ص ض ط ظ ع غ ف ق ک گ ل م ن و ہ ی ے ا ب پ ت ٹ ث ج چ ح خ د ڈ ذ ر ڑ ز ژ س ش ص ض ط ظ ع غ ف ق ک گ ل م ن و ہ ی ے ا ب پ ت ٹ ث ج چ ح خ د ڈ ذ ر ڑ ز
بقیہ	37
ا ب پ ت ٹ ث ج چ ح خ د ڈ ذ ر ڑ ز ژ س ش ص ض ط ظ ع غ ف ق ک گ ل م ن و ہ ی ے ا ب پ ت ٹ ث ج چ
ا ب پ ت ٹ ث ج چ ح خ د ڈ ذ ر ڑ ز ژ س ش ص ض ط ظ ع غ ف ق ک گ ل م ن و ہ ی ے ا ب پ ت ٹ ث ج چ ح خ د ڈ ذ ر ڑ ز ژ س ش ص ض ط ظ ع غ ف ق ک گ ل م ن و ہ ی ے ا ب پ ت ٹ ث ج چ ح خ د ڈ ذ ر ڑ ز ژ س ش ص ض ط ظ ع غ ف ق ک گ ل م ن و ہ ی ے ا ب پ ت ٹ ث ج چ ح خ د ڈ ذ ر ڑ ز ژ س ش ص ض ط ظ ع غ ف ق ک گ ل م ن و ہ ی ے ا ب پ ت ٹ ث ج چ ح خ د ڈ ذ ر ڑ ز ژ س ش ص ض ط ظ ع غ ف ق ک گ ل م ن و ہ ی ے ا ب پ ت ٹ ث ج چ ح خ د ڈ ذ ر ڑ ز ژ س ش ص ض ط ظ ع غ ف ق ک گ ل م ن و ہ ی ے ا ب پ ت ٹ ث ج چ ح خ د ڈ ذ ر ڑ ز ژ س ش ص ض ط ظ ع غ ف ق ک گ ل م ن و ہ ی ے ا ب پ ت ٹ ث ج چ ح خ د ڈ
بقیہ	38
ا ب پ ت ٹ ث ج چ ح خ د ڈ ذ ر ڑ ز ژ س ش ص ض ط ظ ع غ ف ق ک گ ل م ن و ہ ی ے ا ب پ ت ٹ ث ج چ ح خ د ڈ ذ ر ڑ ز ژ س ش ص ض ط ظ ع غ ف ق ک گ ل م ن و ہ ی ے ا ب پ ت ٹ ث ج چ ح خ د ڈ ذ ر ڑ ز ژ س ش ص ض ط ظ ع غ ف ق ک گ ل م ن و ہ ی ے ا ب پ ت ٹ ث ج چ ح خ د ڈ ذ ر ڑ ز ژ س ش ص ض ط ظ ع غ ف ق ک گ ل م ن و ہ ی ے ا ب پ ت ٹ ث ج چ ح خ د ڈ ذ ر ڑ ز ژ س ش ص ض ط ظ ع غ ف ق ک گ ل م ن و ہ ی ے ا ب پ ت ٹ ث ج چ ح خ د ڈ ذ ر ڑ ز ژ س ش ص ض ط ظ ع غ ف ق ک گ ل م ن و ہ ی ے ا ب پ ت ٹ ث ج چ ح خ د ڈ ذ ر ڑ ز ژ س ش ص ض ط ظ ع غ ف ق ک گ ل م ن و ہ ی ے ا ب پ ت ٹ ث ج چ ح خ د ڈ
بقیہ	39
ا ب پ ت ٹ ث ج چ ح خ د ڈ ذ ر ڑ ز ژ س ش ص ض ط ظ ع غ ف ق ک گ ل م ن و ہ ی ے ا ب پ ت ٹ ث ج چ ح خ د ڈ ذ ر ڑ ز ژ س ش ص ض ط ظ ع غ ف ق ک گ ل م ن و ہ ی ے ا ب پ ت ٹ ث ج چ ح خ د ڈ ذ ر ڑ ز ژ س ش ص ض ط ظ ع غ ف ق ک گ ل م ن و ہ ی ے ا ب
بقیہ	40
ا ب پ ت ٹ ث ج چ ح خ د ڈ ذ ر ڑ ز ژ س ش ص ض ط ظ ع غ ف ق ک گ ل م ن و ہ ی ے ا ب پ ت ٹ ث ج چ ح خ د ڈ ذ ر ڑ ز ژ س ش ص ض ط ظ ع غ ف ق ک گ ل م ن و ہ ی ے ا ب پ ت ٹ ث ج چ ح خ د ڈ ذ ر ڑ ز ژ س ش ص ض ط ظ ع غ ف ق ک گ ل م ن و ہ ی ے ا ب پ ت ٹ ث ج چ ح خ د ڈ ذ ر ڑ ز ژ س ش ص ض ط ظ ع
بقیہ	41
ا ب پ ت ٹ ث ج چ ح خ د ڈ ذ ر ڑ ز ژ س ش ص ض ط ظ ع غ ف ق ک گ ل م ن و ہ ی ے ا ب پ ت ٹ ث ج چ ح خ د ڈ ذ ر ڑ ز ژ س ش ص ض ط ظ ع غ ف ق ک گ ل م ن و ہ ی ے ا ب پ ت ٹ ث ج چ ح خ د ڈ ذ ر ڑ ز ژ س ش ص ض ط ظ ع غ ف ق ک گ ل م ن و ہ ی ے ا ب پ ت ٹ ث ج چ ح خ د ڈ ذ ر ڑ ز ژ س ش ص ض ط ظ ع غ ف ق ک گ ل م ن و ہ ی ے ا ب پ ت ٹ ث ج چ ح خ د ڈ ذ ر ڑ ز ژ س ش ص ض ط ظ ع غ ف ق ک گ ل م ن و ہ ی ے ا ب پ ت ٹ ث ج چ ح خ د ڈ ذ ر ڑ ز ژ س ش ص ض ط ظ ع غ ف ق ک گ ل م ن و ہ ی ے ا ب پ ت ٹ ث ج چ ح خ د ڈ ذ ر ڑ ز ژ س ش ص ض ط ظ ع غ ف ق ک گ ل م ن و ہ ی ے ا ب پ ت ٹ ث ج چ ح خ د ڈ ذ ر ڑ ز ژ س ش ص ض ط ظ ع غ ف ق ک گ ل م ن و ہ ی ے ا ب پ ت ٹ ث ج چ ح خ د ڈ ذ ر ڑ ز ژ س ش ص ض ط ظ ع غ ف ق ک گ ل م ن و ہ ی ے ا ب پ ت ٹ ث ج چ ح خ د ڈ ذ ر ڑ ز ژ س ش ص ض ط ظ ع غ ف ق ک گ ل م ن و ہ ی ے ا ب پ ت ٹ ث ج چ ح خ د ڈ ذ ر ڑ ز ژ س ش ص ض ط ظ ع غ ف ق ک گ ل م ن و ہ ی ے ا ب پ ت ٹ ث ج چ ح خ د ڈ ذ ر ڑ ز ژ س ش ص ض ط ظ ع غ ف ق ک گ ل م ن و ہ ی ے ا ب پ ت ٹ ث ج چ ح خ د ڈ ذ ر ڑ ز ژ س ش ص ض ط ظ ع غ ف ق ک گ ل م ن و ہ ی ے ا ب پ ت ٹ ث ج چ ح خ د ڈ ذ ر ڑ ز ژ س ش ص ض ط ظ ع غ ف ق ک گ ل م ن و ہ ی ے ا ب پ ت ٹ ث ج چ ح خ د ڈ ذ ر ڑ ز ژ س ش ص ض ط ظ ع غ ف ق ک گ ل م ن و ہ ی ے ا ب پ ت ٹ ث ج چ ح خ د ڈ ذ ر ڑ ز ژ س ش ص ض ط ظ ع غ ف ق ک گ ل م ن و ہ ی ے ا ب پ ت ٹ ث ج چ ح خ د ڈ ذ ر ڑ ز ژ س ش ص ض ط ظ ع غ ف ق ک گ ل م ن و ہ ی ے ا ب پ ت ٹ ث ج چ ح خ د ڈ ذ ر ڑ ز ژ س ش ص ض ط ظ ع غ ف ق ک گ ل م ن و ہ ی ے ا ب پ ت ٹ ث ج چ ح خ د ڈ
ا ب پ ت ٹ ث ج چ ح خ د ڈ ذ ر ڑ ز ژ س ش ص ض ط ظ ع غ ف ق ک گ ل م ن و ہ ی ے ا ب پ ت ٹ ث ج چ ح خ د ڈ ذ ر ڑ ز ژ س ش ص ض ط ظ ع غ ف ق ک گ ل م ن و ہ ی ے ا ب پ ت ٹ ث ج چ ح خ د ڈ ذ ر ڑ ز ژ س ش ص ض ط ظ ع غ ف ق ک گ ل م ن و ہ ی ے ا ب پ ت ٹ ث ج چ ح خ د ڈ ذ ر ڑ ز ژ س ش ص ض ط ظ ع غ ف ق ک گ ل م ن و ہ ی ے ا ب پ ت ٹ ث ج چ ح خ د ڈ ذ ر ڑ ز ژ س ش ص ض ط ظ ع غ ف ق ک گ ل م ن و ہ ی ے ا ب پ ت ٹ ث ج چ ح خ د ڈ ذ ر ڑ ز ژ س ش ص ض ط ظ ع غ ف ق ک گ ل م ن و ہ ی ے ا ب پ ت
بقیہ	42
ا ب پ ت ٹ ث ج چ ح خ د ڈ ذ ر ڑ ز ژ س ش ص ض ط ظ ع غ ف ق ک گ ل م ن و ہ ی ے ا ب پ ت ٹ ث ج چ ح خ د ڈ ذ ر ڑ ز ژ س ش ص ض ط ظ ع غ ف ق ک گ ل م ن و ہ ی ے ا ب پ ت ٹ ث ج چ ح خ د ڈ ذ ر ڑ ز ژ س ش ص ض ط ظ ع غ ف ق ک گ ل م ن و ہ ی ے ا ب پ ت ٹ ث ج چ ح خ د ڈ ذ ر ڑ ز ژ س ش ص ض ط ظ ع غ ف ق ک گ ل م ن و ہ ی ے ا ب پ ت ٹ ث ج چ ح خ د ڈ ذ ر ڑ ز ژ س ش ص ض ط ظ ع غ ف ق ک گ ل م ن و ہ ی ے ا ب پ ت ٹ ث ج چ ح خ د ڈ ذ ر ڑ ز ژ س ش ص ض ط ظ ع غ ف ق ک گ ل م ن و ہ ی ے ا ب پ ت ٹ ث ج چ ح خ د ڈ ذ ر ڑ ز ژ س ش ص ض ط ظ ع غ ف ق ک گ ل م ن و ہ ی ے ا ب پ ت ٹ ث ج چ ح خ د ڈ ذ ر ڑ ز ژ س ش ص ض ط ظ ع غ ف ق ک گ ل م ن و ہ
بقیہ	43
ا ب پ ت ٹ ث ج چ ح خ د ڈ ذ ر ڑ ز ژ س ش ص ض ط ظ ع غ ف ق ک گ ل م ن و ہ ی ے ا ب پ ت ٹ ث ج چ ح خ د ڈ ذ ر ڑ ز ژ س ش ص ض ط ظ ع غ ف ق ک گ ل م ن و ہ ی ے ا ب پ ت ٹ ث ج چ ح خ د ڈ ذ ر ڑ ز ژ س ش ص ض ط ظ ع غ ف ق ک گ ل م ن و ہ ی ے ا ب پ ت ٹ ث ج چ ح خ د ڈ ذ ر ڑ ز ژ س ش ص ض ط ظ ع غ ف ق ک گ ل م ن و ہ ی ے ا ب پ ت ٹ ث ج چ ح خ د ڈ ذ ر ڑ ز ژ س ش ص ض ط ظ ع غ ف ق ک گ ل م ن و ہ ی ے ا ب پ ت ٹ ث ج چ ح خ د ڈ ذ ر ڑ ز ژ س
بقیہ	44
ا ب پ ت ٹ ث ج چ ح خ د ڈ ذ ر ڑ ز ژ س ش ص ض ط ظ ع غ ف ق ک گ ل م ن و ہ ی ے ا ب پ ت ٹ ث ج چ ح خ د ڈ ذ ر ڑ ز ژ س ش ص ض ط ظ ع غ ف ق ک گ ل م ن و ہ ی ے ا ب پ ت ٹ ث ج چ ح خ د ڈ ذ ر ڑ ز ژ س ش ص ض ط ظ ع غ ف ق ک گ ل م ن و ہ ی ے ا ب پ ت ٹ ث ج چ ح خ د ڈ ذ ر ڑ ز ژ س ش ص ض ط ظ ع غ ف ق ک گ ل م ن و ہ ی ے ا ب پ ت ٹ ث ج چ ح خ د ڈ ذ ر ڑ ز ژ س ش ص ض ط ظ ع غ ف ق ک گ ل م ن و ہ ی ے ا ب پ ت ٹ ث ج چ ح خ د ڈ ذ ر ڑ ز ژ س ش ص ض ط ظ ع غ ف ق ک گ ل م ن و ہ ی ے ا ب پ ت ٹ ث ج چ ح خ د ڈ ذ ر ڑ ز ژ س ش ص ض ط ظ ع غ ف ق ک گ ل م ن و ہ ی ے ا ب پ ت ٹ ث ج چ ح خ د ڈ ذ ر ڑ ز ژ س ش ص ض ط ظ ع غ ف ق ک گ ل م ن و ہ ی ے ا ب پ ت ٹ ث ج چ ح خ د ڈ ذ ر ڑ ز ژ س ش ص ض ط ظ ع غ ف ق ک گ ل م ن و ہ ی ے ا ب پ ت ٹ ث ج چ ح خ د ڈ ذ ر ڑ ز ژ س ش ص ض ط ظ ع غ ف ق ک گ ل م ن و ہ ی ے ا ب پ ت ٹ ث ج چ ح خ د ڈ ذ ر ڑ ز ژ س ش ص ض ط ظ ع غ ف ق ک گ ل م ن و ہ ی ے ا ب پ ت ٹ ث ج چ ح خ د ڈ ذ ر ڑ ز ژ س ش ص ض ط ظ ع غ ف ق ک گ ل م ن و ہ ی ے ا ب پ ت ٹ ث ج چ ح خ د ڈ ذ ر ڑ ز ژ س ش ص ض ط ظ ع غ ف ق ک گ ل م ن و ہ ی ے ا ب پ ت ٹ ث ج چ ح خ د ڈ ذ ر ڑ ز ژ س ش ص ض ط ظ ع غ ف ق ک گ ل م ن و ہ ی ے ا ب پ ت ٹ ث ج چ ح خ د ڈ ذ ر ڑ ز ژ س ش ص ض ط ظ ع غ ف ق ک گ ل م ن و ہ ی ے ا ب پ ت ٹ ث ج چ ح خ د ڈ ذ ر ڑ ز ژ س ش ص ض ط ظ ع غ ف ق ک گ ل م ن و ہ ی ے ا ب پ ت ٹ ث ج چ ح خ د ڈ ذ ر ڑ ز ژ س ش ص ض ط ظ ع غ ف ق ک گ ل م ن و ہ ی ے ا ب پ ت ٹ ث ج چ ح خ د ڈ ذ ر ڑ ز ژ س ش ص ض ط ظ ع غ ف ق ک گ ل م ن و ہ ی ے ا ب پ ت ٹ ث ج چ ح خ د ڈ
